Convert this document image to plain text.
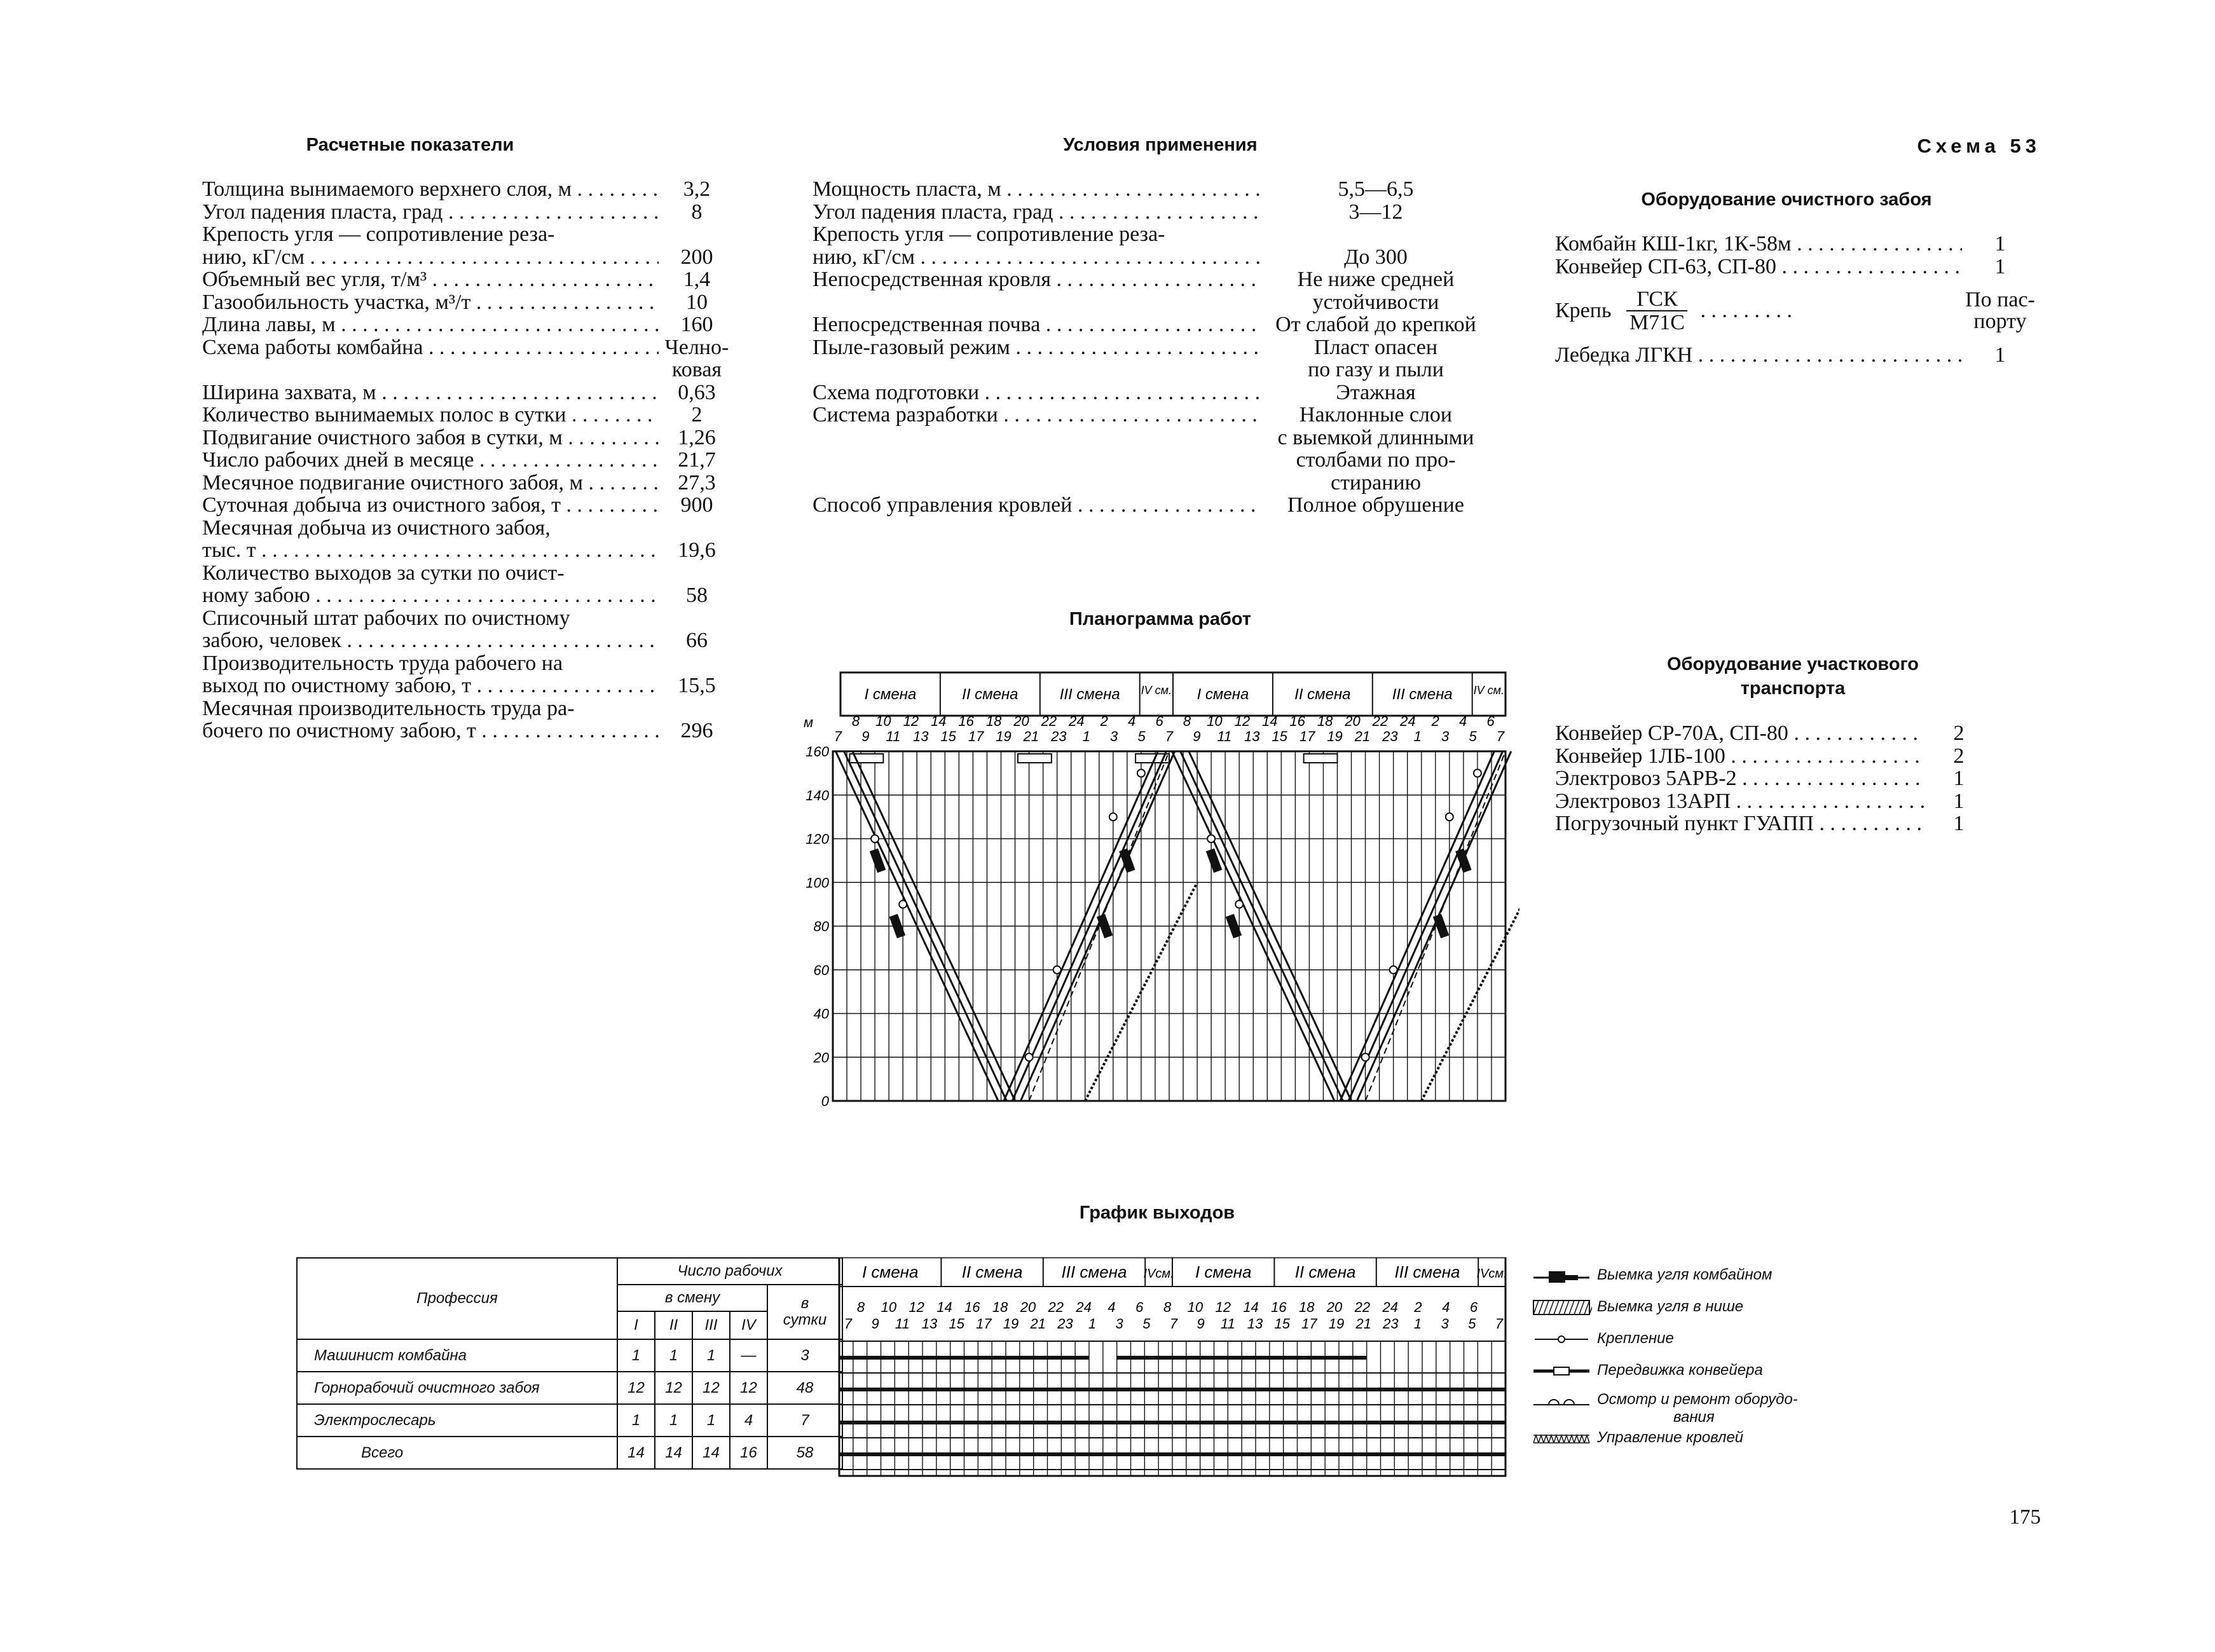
Расчетные показатели	Условия применения	Схема 53
Толщина вынимаемого верхнего слоя, м . . .	3,2
Угол падения пласта, град . . .	8
Крепость угля — сопротивление реза-
нию, кГ/см . . .	200
Объемный вес угля, т/м³ . . .	1,4
Газообильность участка, м³/т . . .	10
Длина лавы, м . . .	160
Схема работы комбайна . . .	Челно-
ковая
Ширина захвата, м . . .	0,63
Количество вынимаемых полос в сутки . . .	2
Подвигание очистного забоя в сутки, м . . .	1,26
Число рабочих дней в месяце . . .	21,7
Месячное подвигание очистного забоя, м . . .	27,3
Суточная добыча из очистного забоя, т . . .	900
Месячная добыча из очистного забоя,
тыс. т . . .	19,6
Количество выходов за сутки по очист-
ному забою . . .	58
Списочный штат рабочих по очистному
забою, человек . . .	66
Производительность труда рабочего на
выход по очистному забою, т . . .	15,5
Месячная производительность труда ра-
бочего по очистному забою, т . . .	296
Мощность пласта, м . . .	5,5—6,5
Угол падения пласта, град . . .	3—12
Крепость угля — сопротивление реза-
нию, кГ/см . . .	До 300
Непосредственная кровля . . .	Не ниже средней
устойчивости
Непосредственная почва . . .	От слабой до крепкой
Пыле-газовый режим . . .	Пласт опасен
по газу и пыли
Схема подготовки . . .	Этажная
Система разработки . . .	Наклонные слои
с выемкой длинными
столбами по про-
стиранию
Способ управления кровлей . . .	Полное обрушение
Оборудование очистного забоя
Комбайн КШ-1кг, 1К-58м . . .	1
Конвейер СП-63, СП-80 . . .	1
Крепь
ГСК
М71С
. . . . . . . . .	По пас-
порту
Лебедка ЛГКН . . .	1
Оборудование участкового
транспорта
Конвейер СР-70А, СП-80 . . .	2
Конвейер 1ЛБ-100 . . .	2
Электровоз 5АРВ-2 . . .	1
Электровоз 13АРП . . .	1
Погрузочный пункт ГУАПП . . .	1
Планограмма работ
I смена	II смена	III смена IV см. I смена	II смена	III смена IV см.
8 10 12 14 16 18 20 22 24 2 4 6 8 10 12 14 16 18 20 22 24 2 4 6
7 9 11 13 15 17 19 21 23 1 3 5 7 9 11 13 15 17 19 21 23 1 3 5 7
м
160
140
120
100
80
60
40
20
0
График выходов
Профессия	Число рабочих				
	в смену				в
сутки

	I	II	III	IV	
Машинист комбайна	1	1	1	—	3
Горнорабочий очистного забоя	12	12	12	12	48
Электрослесарь	1	1	1	4	7
Всего	14	14	14	16	58
I смена	II смена III смена IVсм. I смена	II смена III смена IVсм.
8 10 12 14 16 18 20 22 24 4 6 8 10 12 14 16 18 20 22 24 2 4 6
7 9 11 13 15 17 19 21 23 1 3 5 7 9 11 13 15 17 19 21 23 1 3 5 7
Выемка угля комбайном
Выемка угля в нише
Крепление
Передвижка конвейера
Осмотр и ремонт оборудо-
вания
Управление кровлей
175
